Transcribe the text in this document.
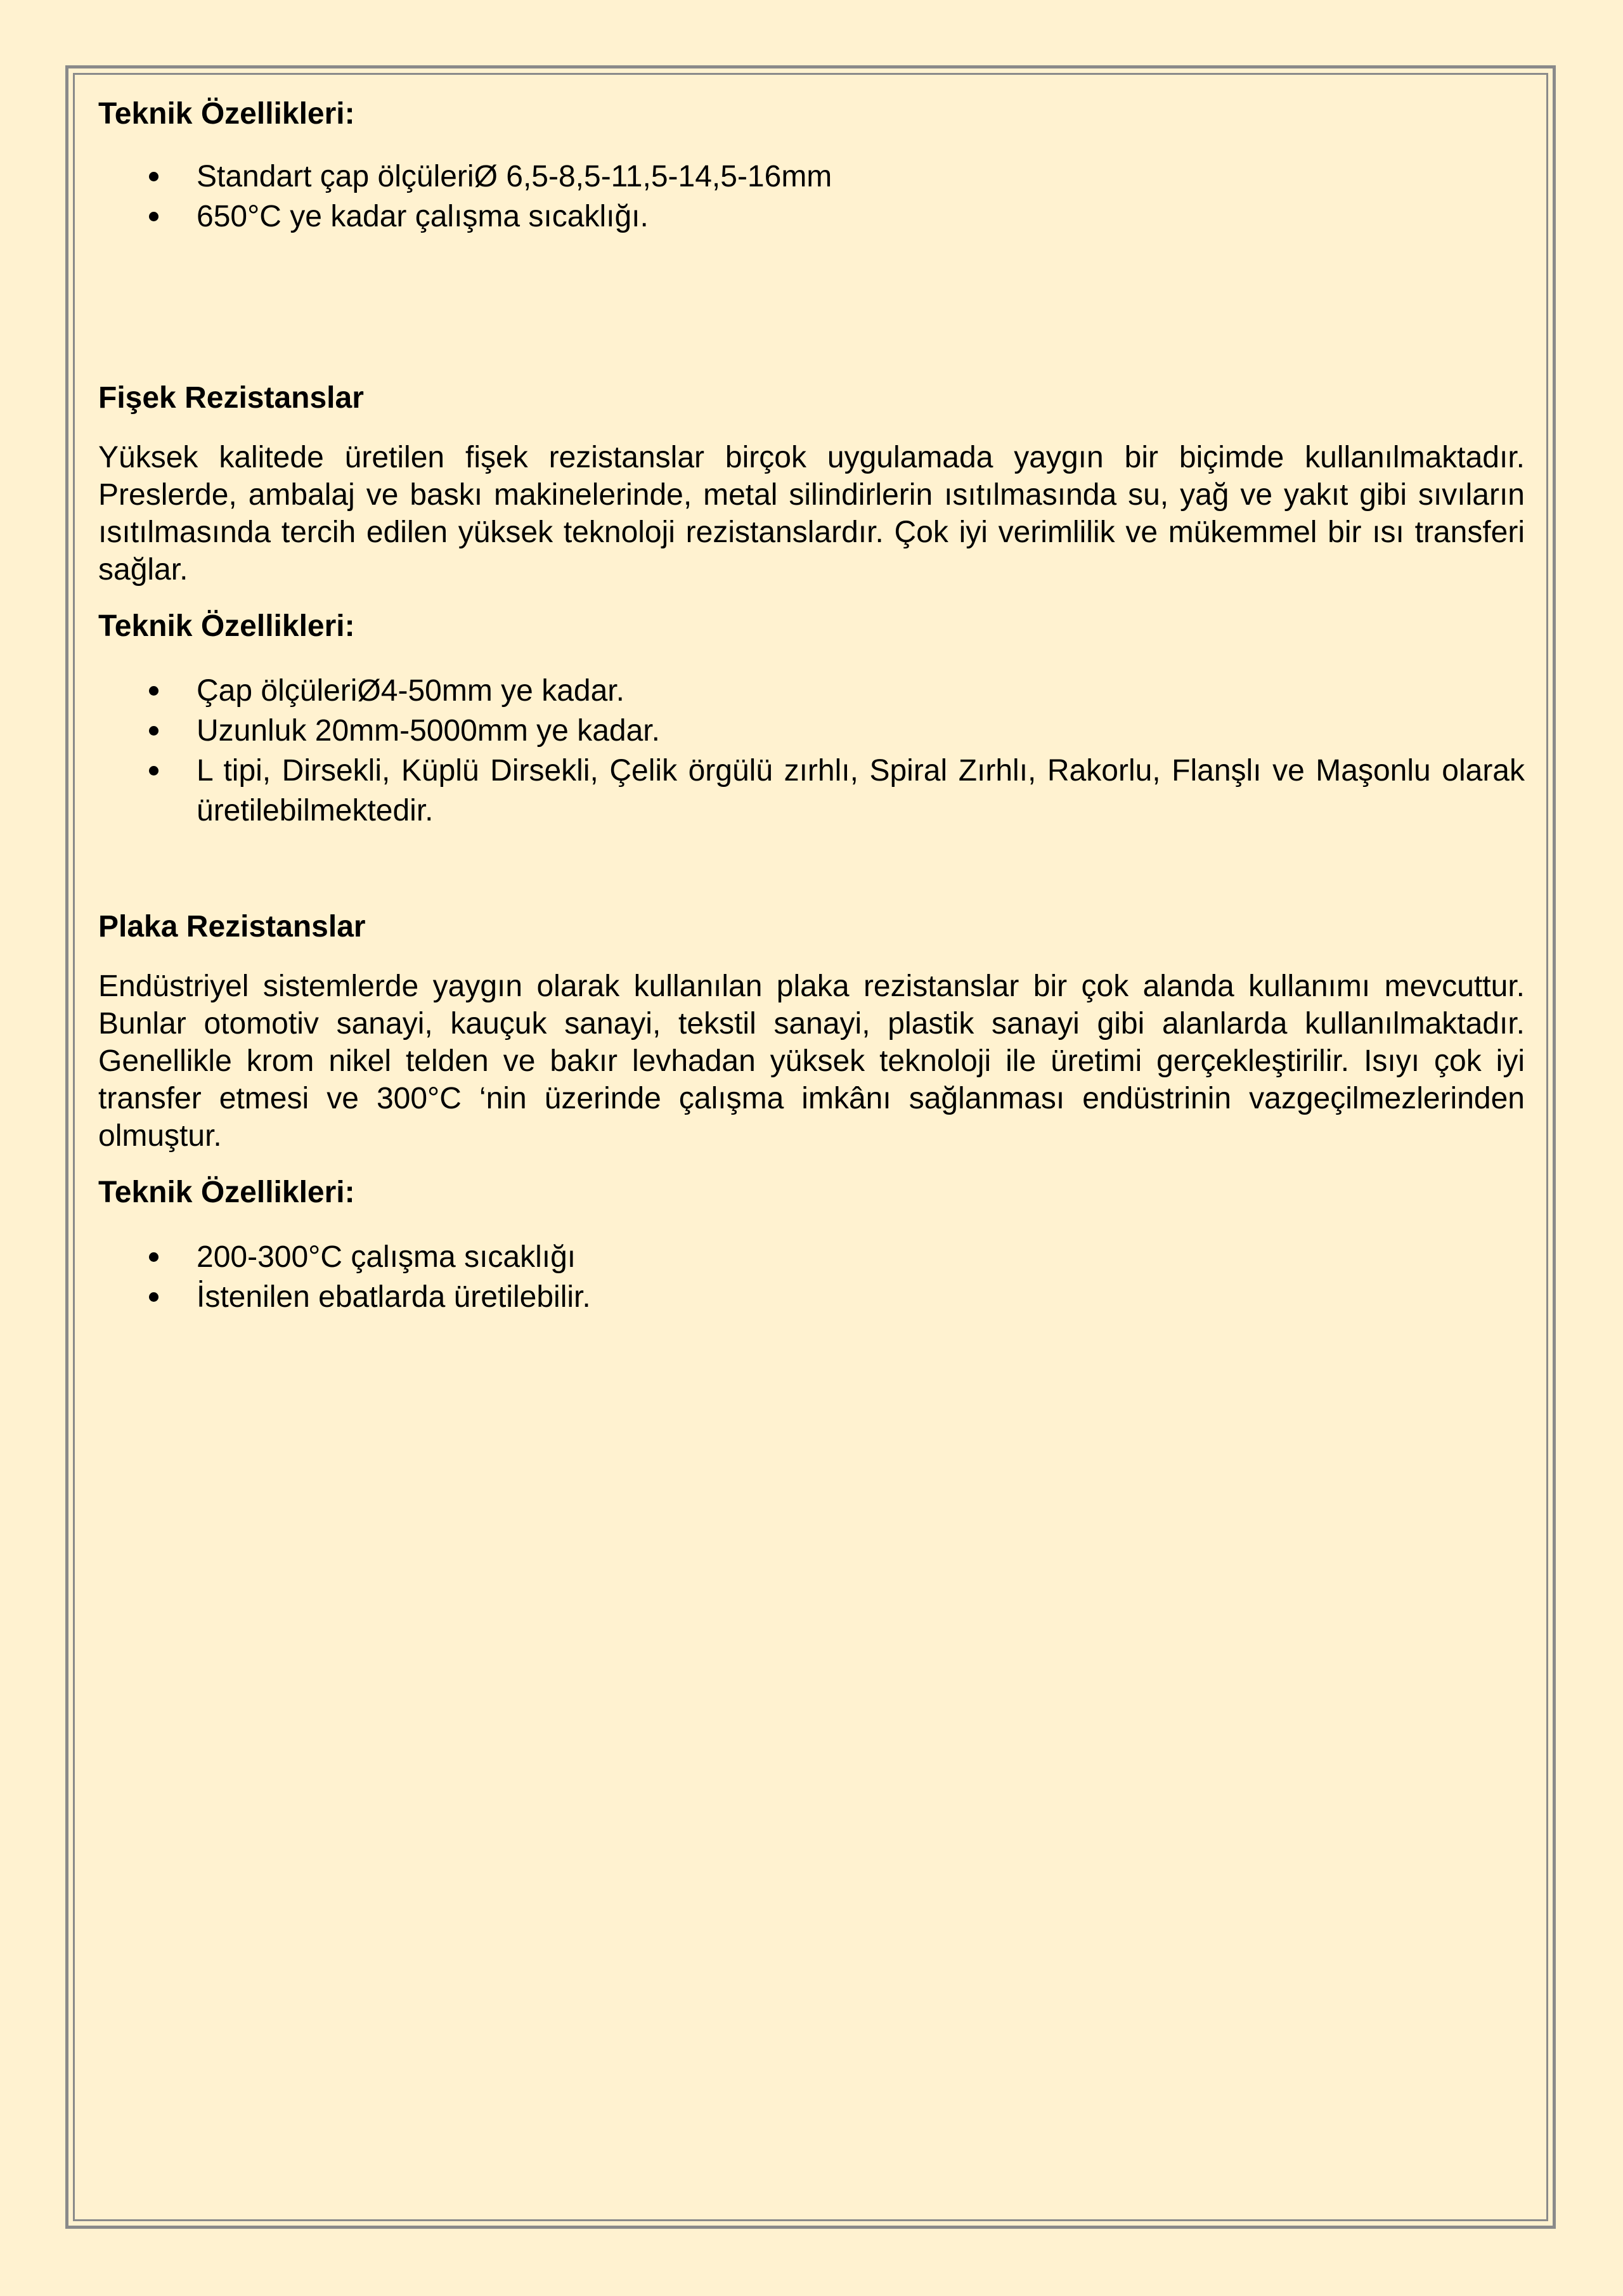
Teknik Özellikleri:
Standart çap ölçüleriØ 6,5-8,5-11,5-14,5-16mm
650°C ye kadar çalışma sıcaklığı.
Fişek Rezistanslar

Yüksek kalitede üretilen fişek rezistanslar birçok uygulamada yaygın bir biçimde kullanılmaktadır. Preslerde, ambalaj ve baskı makinelerinde, metal silindirlerin ısıtılmasında su, yağ ve yakıt gibi sıvıların ısıtılmasında tercih edilen yüksek teknoloji rezistanslardır. Çok iyi verimlilik ve mükemmel bir ısı transferi sağlar.

Teknik Özellikleri:
Çap ölçüleriØ4-50mm ye kadar.
Uzunluk 20mm-5000mm ye kadar.
L tipi, Dirsekli, Küplü Dirsekli, Çelik örgülü zırhlı, Spiral Zırhlı, Rakorlu, Flanşlı ve Maşonlu olarak üretilebilmektedir.
Plaka Rezistanslar

Endüstriyel sistemlerde yaygın olarak kullanılan plaka rezistanslar bir çok alanda kullanımı mevcuttur. Bunlar otomotiv sanayi, kauçuk sanayi, tekstil sanayi, plastik sanayi gibi alanlarda kullanılmaktadır. Genellikle krom nikel telden ve bakır levhadan yüksek teknoloji ile üretimi gerçekleştirilir. Isıyı çok iyi transfer etmesi ve 300°C ‘nin üzerinde çalışma imkânı sağlanması endüstrinin vazgeçilmezlerinden olmuştur.

Teknik Özellikleri:
200-300°C çalışma sıcaklığı
İstenilen ebatlarda üretilebilir.
